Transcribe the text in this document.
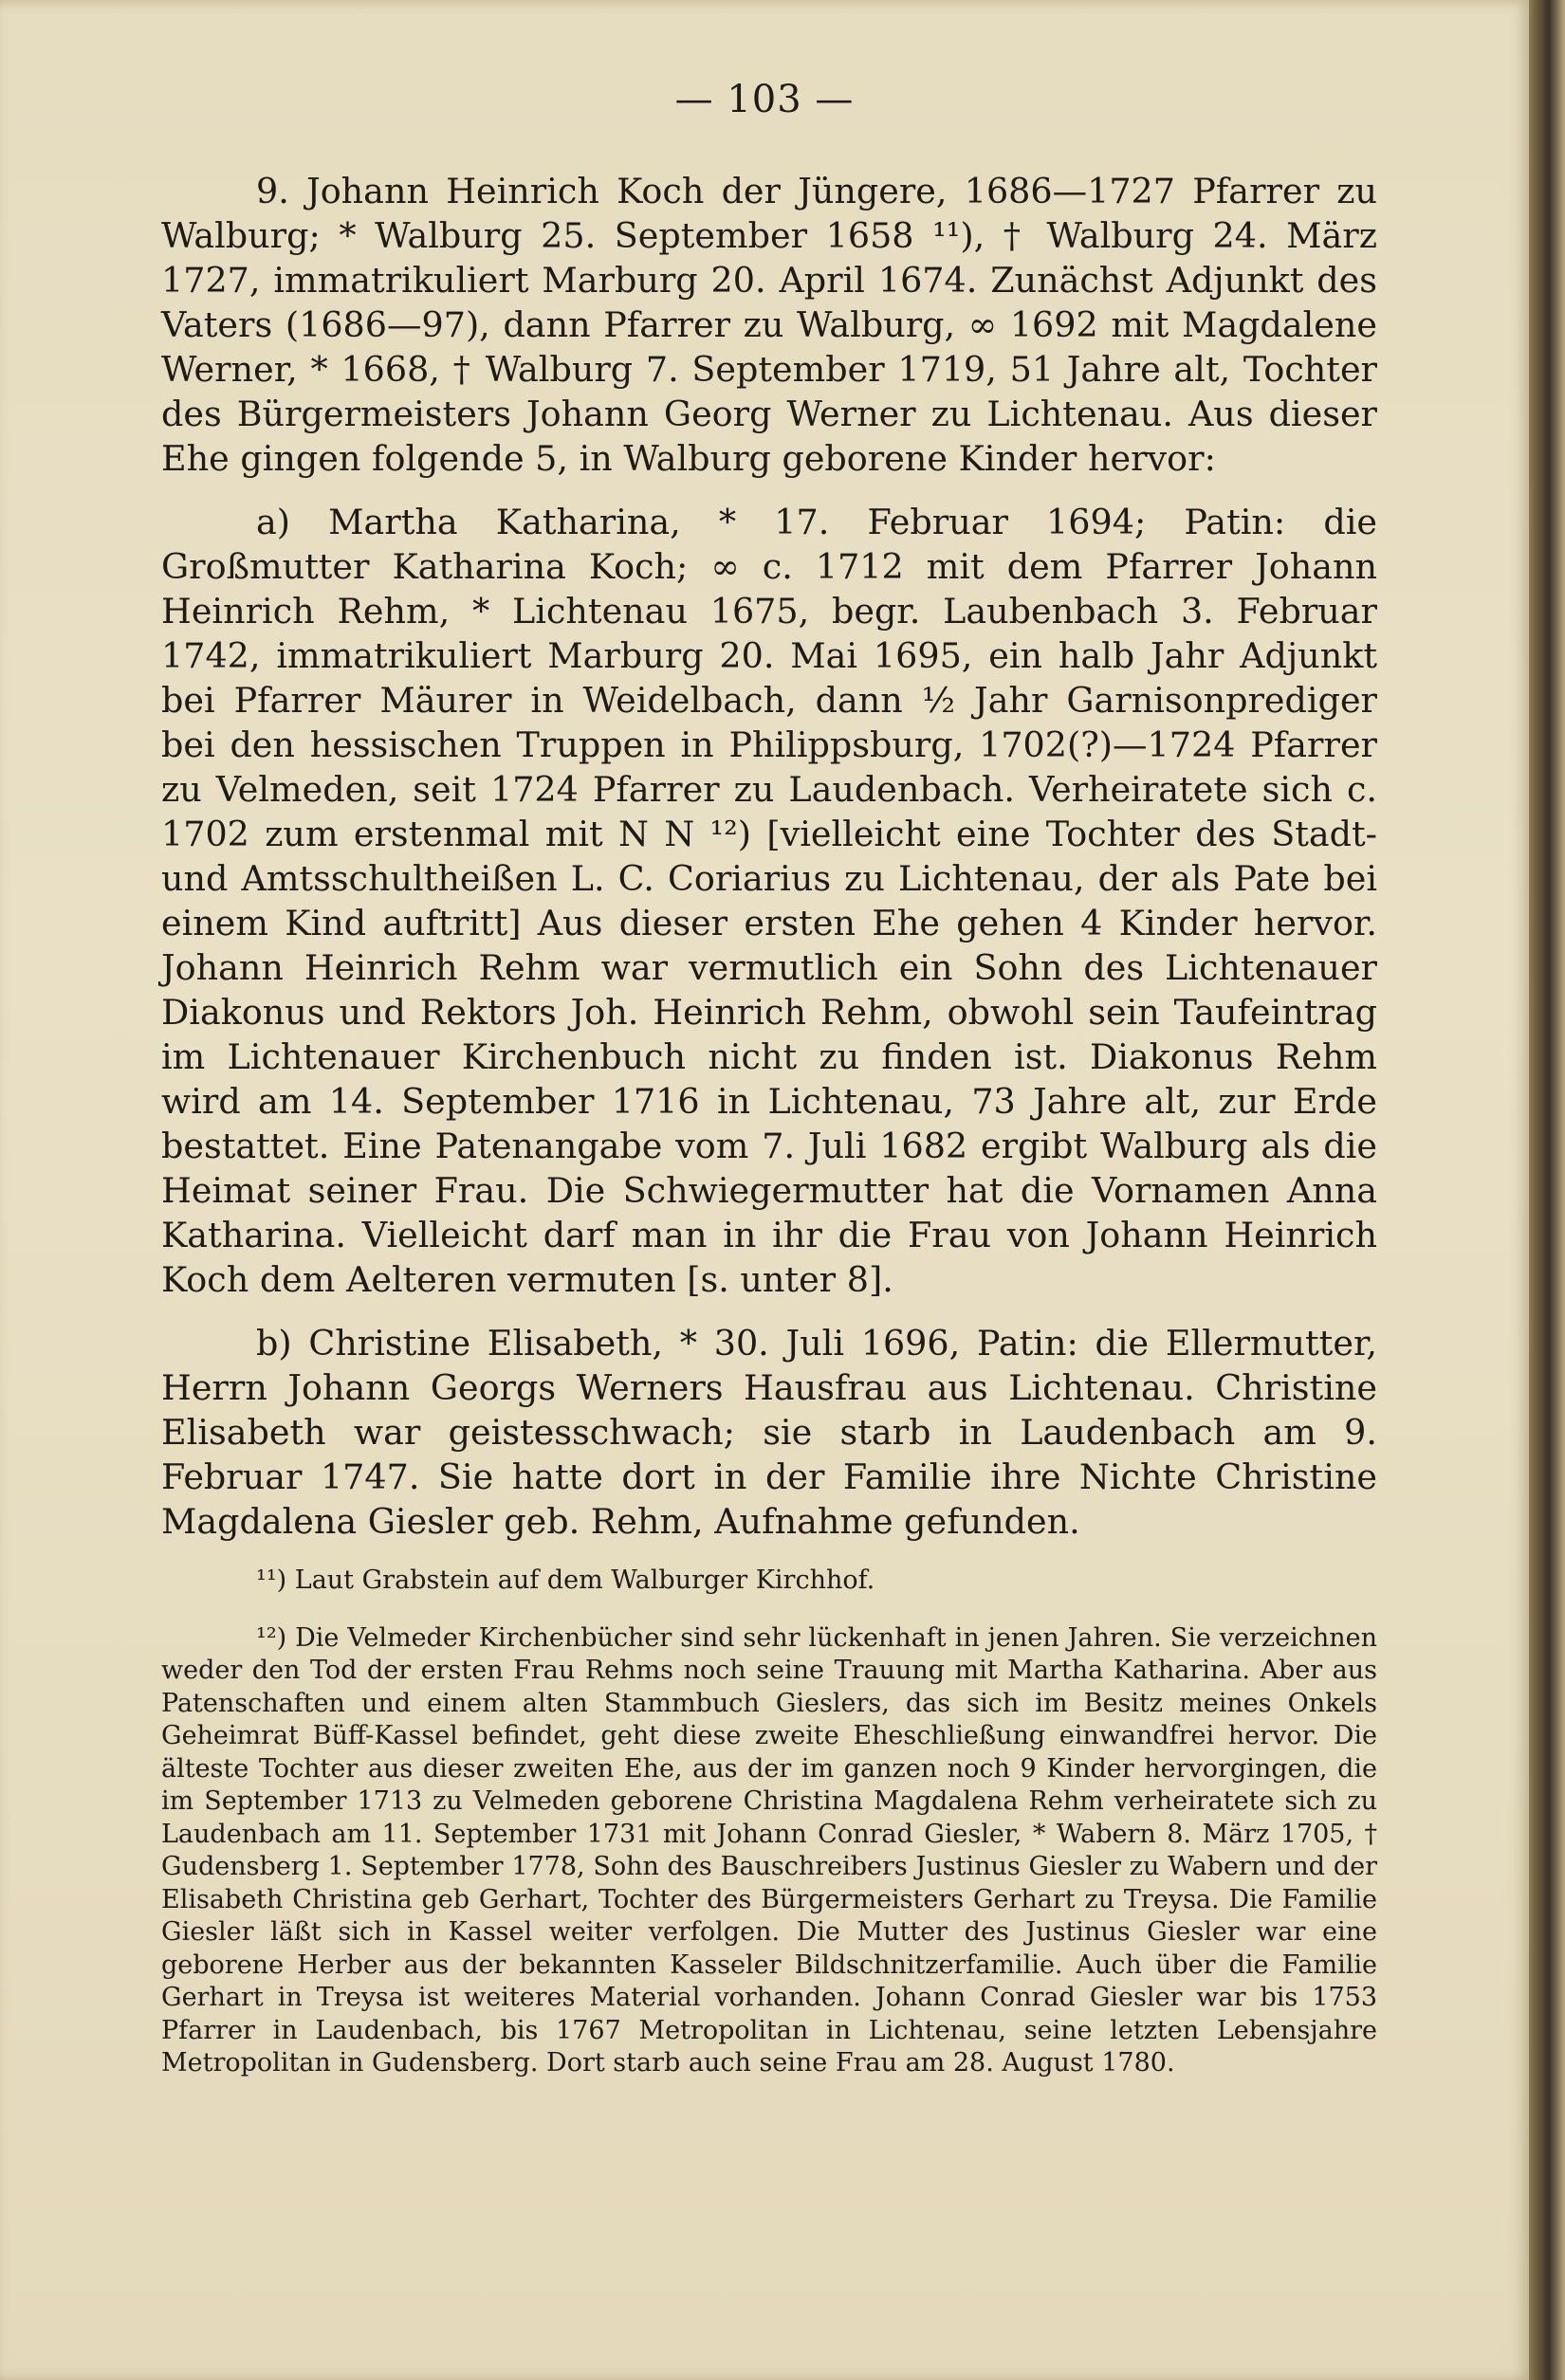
— 103 —

9. Johann Heinrich Koch der Jüngere, 1686—1727 Pfarrer zu Walburg; * Walburg 25. September 1658 ¹¹), † Walburg 24. März 1727, immatrikuliert Marburg 20. April 1674. Zunächst Adjunkt des Vaters (1686—97), dann Pfarrer zu Walburg, ∞ 1692 mit Magdalene Werner, * 1668, † Walburg 7. September 1719, 51 Jahre alt, Tochter des Bürgermeisters Johann Georg Werner zu Lichtenau. Aus dieser Ehe gingen folgende 5, in Walburg geborene Kinder hervor:

a) Martha Katharina, * 17. Februar 1694; Patin: die Großmutter Katharina Koch; ∞ c. 1712 mit dem Pfarrer Johann Heinrich Rehm, * Lichtenau 1675, begr. Laubenbach 3. Februar 1742, immatrikuliert Marburg 20. Mai 1695, ein halb Jahr Adjunkt bei Pfarrer Mäurer in Weidelbach, dann ½ Jahr Garnisonprediger bei den hessischen Truppen in Philippsburg, 1702(?)—1724 Pfarrer zu Velmeden, seit 1724 Pfarrer zu Laudenbach. Verheiratete sich c. 1702 zum erstenmal mit N N ¹²) [vielleicht eine Tochter des Stadt- und Amtsschultheißen L. C. Coriarius zu Lichtenau, der als Pate bei einem Kind auftritt] Aus dieser ersten Ehe gehen 4 Kinder hervor. Johann Heinrich Rehm war vermutlich ein Sohn des Lichtenauer Diakonus und Rektors Joh. Heinrich Rehm, obwohl sein Taufeintrag im Lichtenauer Kirchenbuch nicht zu finden ist. Diakonus Rehm wird am 14. September 1716 in Lichtenau, 73 Jahre alt, zur Erde bestattet. Eine Patenangabe vom 7. Juli 1682 ergibt Walburg als die Heimat seiner Frau. Die Schwiegermutter hat die Vornamen Anna Katharina. Vielleicht darf man in ihr die Frau von Johann Heinrich Koch dem Aelteren vermuten [s. unter 8].

b) Christine Elisabeth, * 30. Juli 1696, Patin: die Ellermutter, Herrn Johann Georgs Werners Hausfrau aus Lichtenau. Christine Elisabeth war geistesschwach; sie starb in Laudenbach am 9. Februar 1747. Sie hatte dort in der Familie ihre Nichte Christine Magdalena Giesler geb. Rehm, Aufnahme gefunden.

¹¹) Laut Grabstein auf dem Walburger Kirchhof.

¹²) Die Velmeder Kirchenbücher sind sehr lückenhaft in jenen Jahren. Sie verzeichnen weder den Tod der ersten Frau Rehms noch seine Trauung mit Martha Katharina. Aber aus Patenschaften und einem alten Stammbuch Gieslers, das sich im Besitz meines Onkels Geheimrat Büff-Kassel befindet, geht diese zweite Eheschließung einwandfrei hervor. Die älteste Tochter aus dieser zweiten Ehe, aus der im ganzen noch 9 Kinder hervorgingen, die im September 1713 zu Velmeden geborene Christina Magdalena Rehm verheiratete sich zu Laudenbach am 11. September 1731 mit Johann Conrad Giesler, * Wabern 8. März 1705, † Gudensberg 1. September 1778, Sohn des Bauschreibers Justinus Giesler zu Wabern und der Elisabeth Christina geb Gerhart, Tochter des Bürgermeisters Gerhart zu Treysa. Die Familie Giesler läßt sich in Kassel weiter verfolgen. Die Mutter des Justinus Giesler war eine geborene Herber aus der bekannten Kasseler Bildschnitzerfamilie. Auch über die Familie Gerhart in Treysa ist weiteres Material vorhanden. Johann Conrad Giesler war bis 1753 Pfarrer in Laudenbach, bis 1767 Metropolitan in Lichtenau, seine letzten Lebensjahre Metropolitan in Gudensberg. Dort starb auch seine Frau am 28. August 1780.
